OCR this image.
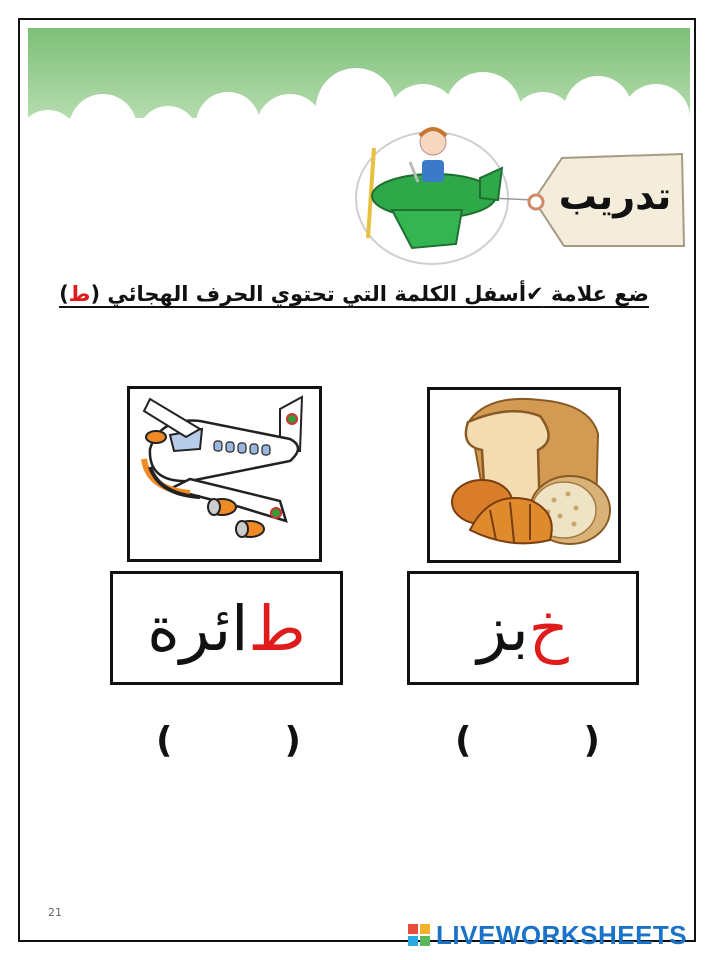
تدريب
ضع علامة ✔أسفل الكلمة التي تحتوي الحرف الهجائي (ط)
ط
ائرة	خ
بز
(	)	(	)
21
LIVEWORKSHEETS
